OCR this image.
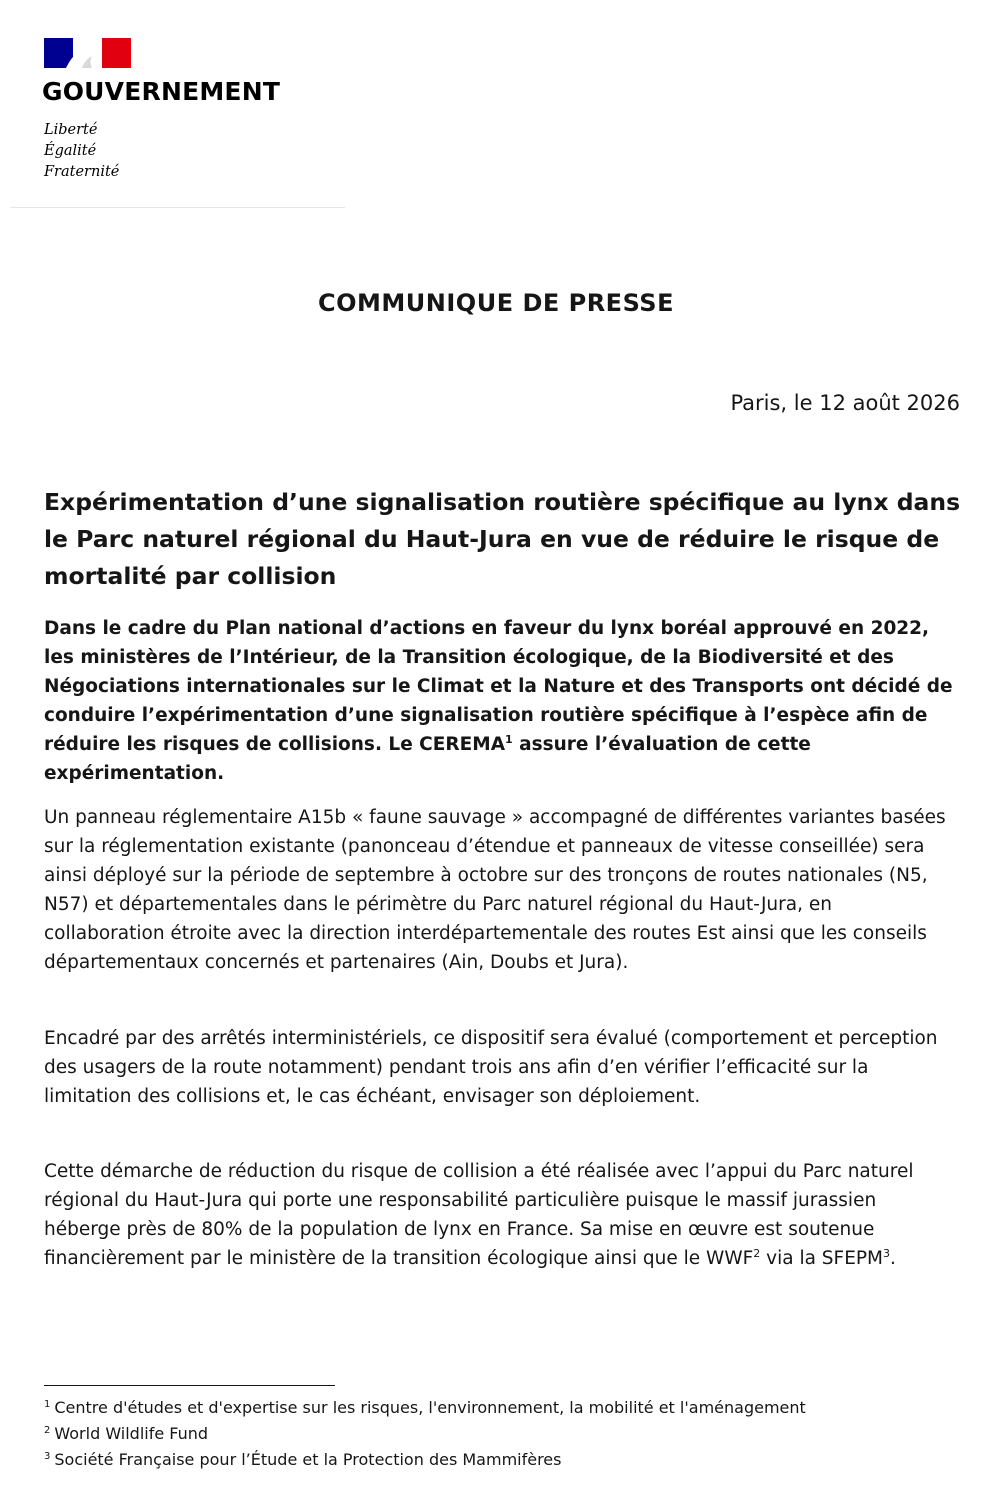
GOUVERNEMENT
Liberté
Égalité
Fraternité
COMMUNIQUE DE PRESSE
Paris, le 12 août 2026
Expérimentation d’une signalisation routière spécifique au lynx dans le Parc naturel régional du Haut-Jura en vue de réduire le risque de mortalité par collision

Dans le cadre du Plan national d’actions en faveur du lynx boréal approuvé en 2022, les ministères de l’Intérieur, de la Transition écologique, de la Biodiversité et des Négociations internationales sur le Climat et la Nature et des Transports ont décidé de conduire l’expérimentation d’une signalisation routière spécifique à l’espèce afin de réduire les risques de collisions. Le CEREMA$^1$ assure l’évaluation de cette expérimentation.

Un panneau réglementaire A15b « faune sauvage » accompagné de différentes variantes basées sur la réglementation existante (panonceau d’étendue et panneaux de vitesse conseillée) sera ainsi déployé sur la période de septembre à octobre sur des tronçons de routes nationales (N5, N57) et départementales dans le périmètre du Parc naturel régional du Haut-Jura, en collaboration étroite avec la direction interdépartementale des routes Est ainsi que les conseils départementaux concernés et partenaires (Ain, Doubs et Jura).

Encadré par des arrêtés interministériels, ce dispositif sera évalué (comportement et perception des usagers de la route notamment) pendant trois ans afin d’en vérifier l’efficacité sur la limitation des collisions et, le cas échéant, envisager son déploiement.

Cette démarche de réduction du risque de collision a été réalisée avec l’appui du Parc naturel régional du Haut-Jura qui porte une responsabilité particulière puisque le massif jurassien héberge près de 80% de la population de lynx en France. Sa mise en œuvre est soutenue financièrement par le ministère de la transition écologique ainsi que le WWF$^2$ via la SFEPM$^3$.

$^1$ Centre d'études et d'expertise sur les risques, l'environnement, la mobilité et l'aménagement
$^2$ World Wildlife Fund
$^3$ Société Française pour l’Étude et la Protection des Mammifères
